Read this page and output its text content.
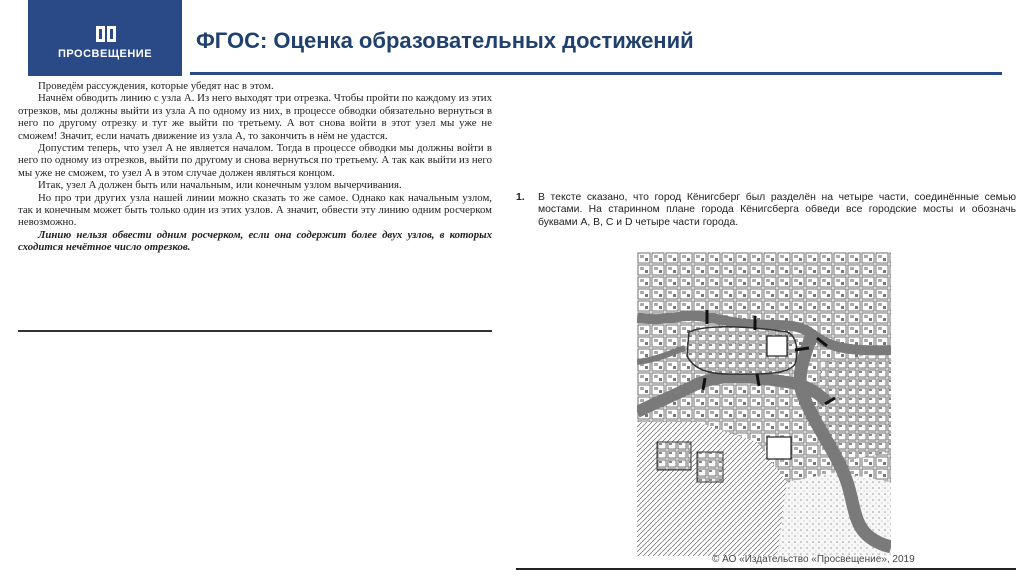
ПРОСВЕЩЕНИЕ
ФГОС: Оценка образовательных достижений

Проведём рассуждения, которые убедят нас в этом.

Начнём обводить линию с узла A. Из него выходят три отрезка. Чтобы пройти по каждому из этих отрезков, мы должны выйти из узла A по одному из них, в процессе обводки обязательно вернуться в него по другому отрезку и тут же выйти по третьему. А вот снова войти в этот узел мы уже не сможем! Значит, если начать движение из узла A, то закончить в нём не удастся.

Допустим теперь, что узел A не является началом. Тогда в процессе обводки мы должны войти в него по одному из отрезков, выйти по другому и снова вернуться по третьему. А так как выйти из него мы уже не сможем, то узел A в этом случае должен являться концом.

Итак, узел A должен быть или начальным, или конечным узлом вычерчивания.

Но про три других узла нашей линии можно сказать то же самое. Однако как начальным узлом, так и конечным может быть только один из этих узлов. А значит, обвести эту линию одним росчерком невозможно.

Линию нельзя обвести одним росчерком, если она содержит более двух узлов, в которых сходится нечётное число отрезков.

1. В тексте сказано, что город Кёнигсберг был разделён на четыре части, соединённые семью мостами. На старинном плане города Кёнигсберга обведи все городские мосты и обозначь буквами A, B, C и D четыре части города.
© АО «Издательство «Просвещение», 2019
